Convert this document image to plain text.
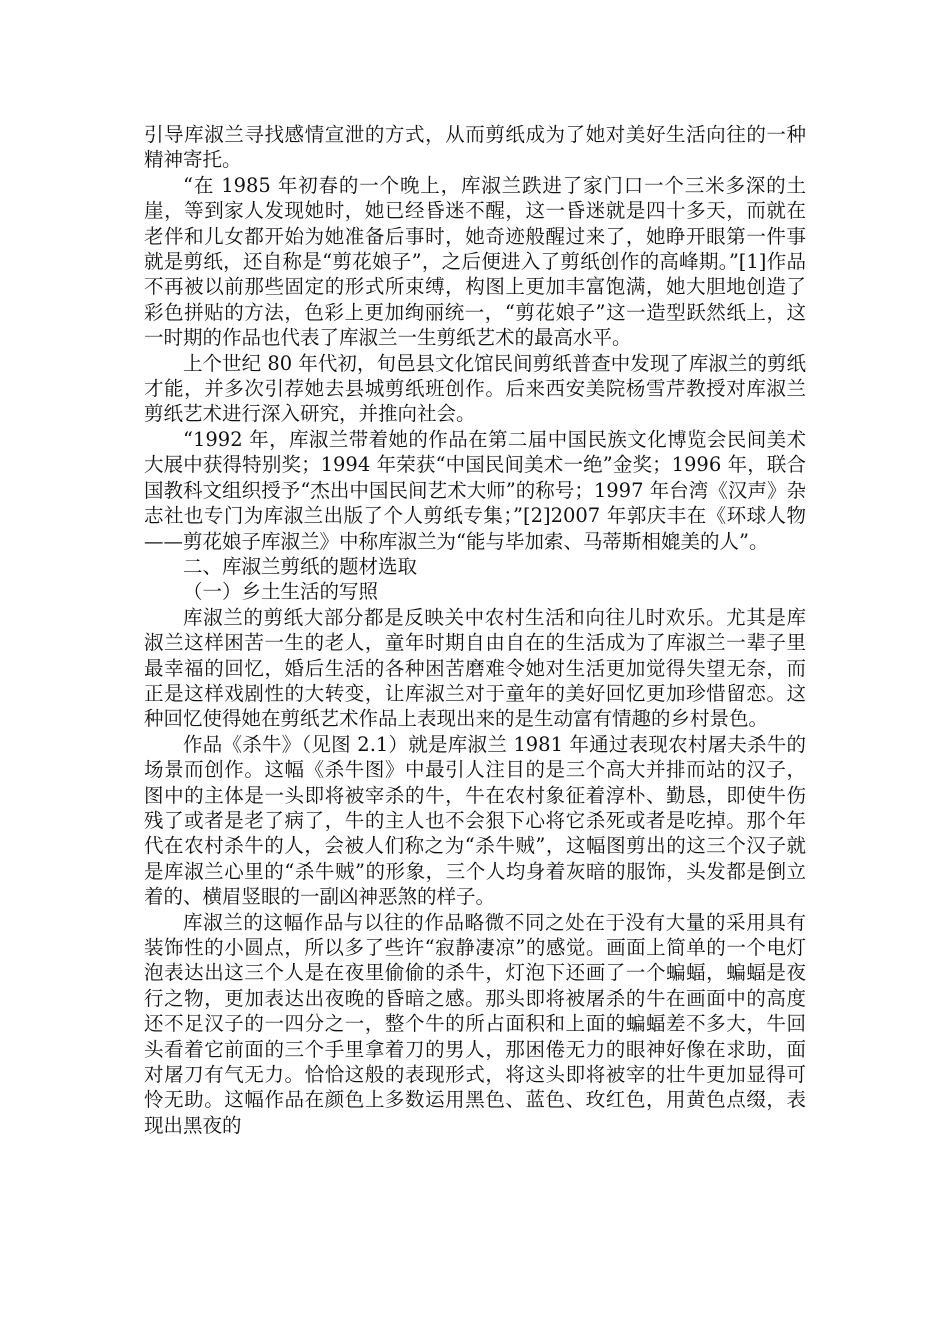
引导库淑兰寻找感情宣泄的方式，从而剪纸成为了她对美好生活向往的一种精神寄托。

“在 1985 年初春的一个晚上，库淑兰跌进了家门口一个三米多深的土崖，等到家人发现她时，她已经昏迷不醒，这一昏迷就是四十多天，而就在老伴和儿女都开始为她准备后事时，她奇迹般醒过来了，她睁开眼第一件事就是剪纸，还自称是“剪花娘子”，之后便进入了剪纸创作的高峰期。”[1]作品不再被以前那些固定的形式所束缚，构图上更加丰富饱满，她大胆地创造了彩色拼贴的方法，色彩上更加绚丽统一，“剪花娘子”这一造型跃然纸上，这一时期的作品也代表了库淑兰一生剪纸艺术的最高水平。

上个世纪 80 年代初，旬邑县文化馆民间剪纸普查中发现了库淑兰的剪纸才能，并多次引荐她去县城剪纸班创作。后来西安美院杨雪芹教授对库淑兰剪纸艺术进行深入研究，并推向社会。

“1992 年，库淑兰带着她的作品在第二届中国民族文化博览会民间美术大展中获得特别奖；1994 年荣获“中国民间美术一绝”金奖；1996 年，联合国教科文组织授予“杰出中国民间艺术大师”的称号；1997 年台湾《汉声》杂志社也专门为库淑兰出版了个人剪纸专集；”[2]2007 年郭庆丰在《环球人物——剪花娘子库淑兰》中称库淑兰为“能与毕加索、马蒂斯相媲美的人”。

二、库淑兰剪纸的题材选取

（一）乡土生活的写照

库淑兰的剪纸大部分都是反映关中农村生活和向往儿时欢乐。尤其是库淑兰这样困苦一生的老人，童年时期自由自在的生活成为了库淑兰一辈子里最幸福的回忆，婚后生活的各种困苦磨难令她对生活更加觉得失望无奈，而正是这样戏剧性的大转变，让库淑兰对于童年的美好回忆更加珍惜留恋。这种回忆使得她在剪纸艺术作品上表现出来的是生动富有情趣的乡村景色。

作品《杀牛》（见图 2.1）就是库淑兰 1981 年通过表现农村屠夫杀牛的场景而创作。这幅《杀牛图》中最引人注目的是三个高大并排而站的汉子，图中的主体是一头即将被宰杀的牛，牛在农村象征着淳朴、勤恳，即使牛伤残了或者是老了病了，牛的主人也不会狠下心将它杀死或者是吃掉。那个年代在农村杀牛的人，会被人们称之为“杀牛贼”，这幅图剪出的这三个汉子就是库淑兰心里的“杀牛贼”的形象，三个人均身着灰暗的服饰，头发都是倒立着的、横眉竖眼的一副凶神恶煞的样子。

库淑兰的这幅作品与以往的作品略微不同之处在于没有大量的采用具有装饰性的小圆点，所以多了些许“寂静凄凉”的感觉。画面上简单的一个电灯泡表达出这三个人是在夜里偷偷的杀牛，灯泡下还画了一个蝙蝠，蝙蝠是夜行之物，更加表达出夜晚的昏暗之感。那头即将被屠杀的牛在画面中的高度还不足汉子的一四分之一，整个牛的所占面积和上面的蝙蝠差不多大，牛回头看着它前面的三个手里拿着刀的男人，那困倦无力的眼神好像在求助，面对屠刀有气无力。恰恰这般的表现形式，将这头即将被宰的壮牛更加显得可怜无助。这幅作品在颜色上多数运用黑色、蓝色、玫红色，用黄色点缀，表现出黑夜的
